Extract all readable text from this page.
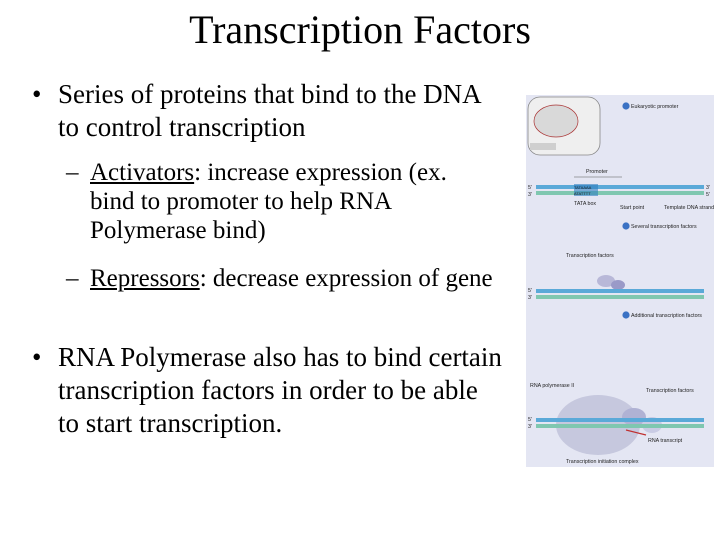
Transcription Factors
• Series of proteins that bind to the DNA to control transcription
– Activators: increase expression (ex. bind to promoter to help RNA Polymerase bind)
– Repressors: decrease expression of gene
• RNA Polymerase also has to bind certain transcription factors in order to be able to start transcription.
Eukaryotic promoter
Promoter
5'
3'
TATAAAA
ATATTTT
3'
5'
TATA box
Start point	Template DNA strand
Several transcription factors
Transcription factors
5'
3'
Additional transcription factors
RNA polymerase II
Transcription factors
5'
3'
RNA transcript
Transcription initiation complex
